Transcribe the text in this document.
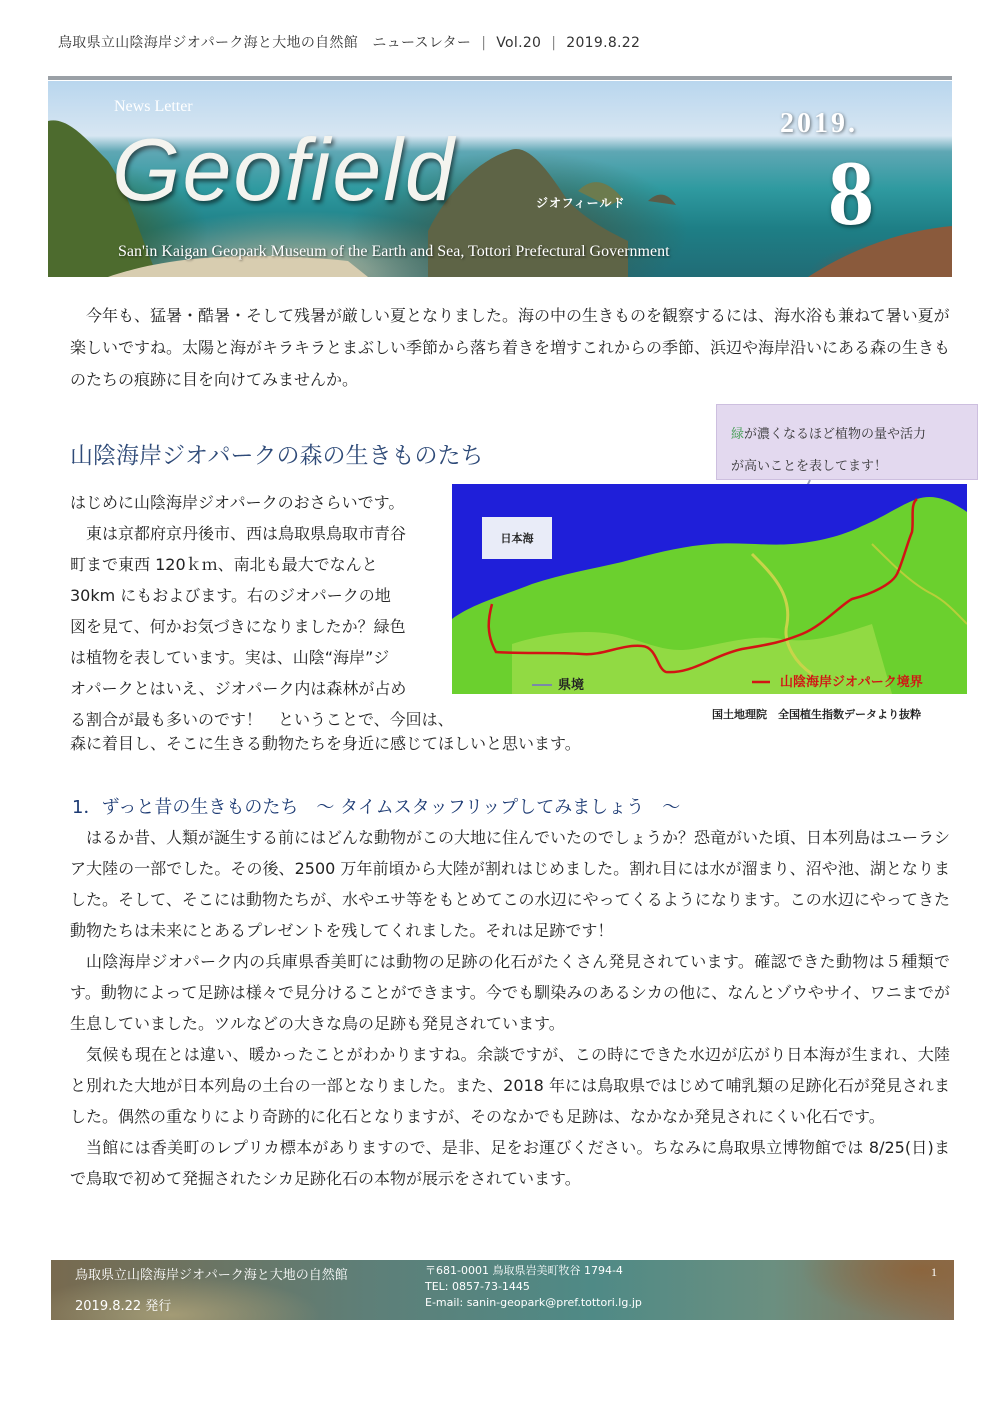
鳥取県立山陰海岸ジオパーク海と大地の自然館　 ニュースレター | Vol.20 | 2019.8.22
News Letter
Geofield	ジオフィールド
San'in Kaigan Geopark Museum of the Earth and Sea, Tottori Prefectural Government
2019.
8
今年も、猛暑・酷暑・そして残暑が厳しい夏となりました。海の中の生きものを観察するには、海水浴も兼ねて暑い夏が楽しいですね。太陽と海がキラキラとまぶしい季節から落ち着きを増すこれからの季節、浜辺や海岸沿いにある森の生きものたちの痕跡に目を向けてみませんか。
山陰海岸ジオパークの森の生きものたち
緑が濃くなるほど植物の量や活力
が高いことを表してます！
日本海
県境	山陰海岸ジオパーク境界
国土地理院　全国植生指数データより抜粋
はじめに山陰海岸ジオパークのおさらいです。
　東は京都府京丹後市、西は鳥取県鳥取市青谷
町まで東西 120ｋｍ、南北も最大でなんと
30km にもおよびます。右のジオパークの地
図を見て、何かお気づきになりましたか？緑色
は植物を表しています。実は、山陰“海岸”ジ
オパークとはいえ、ジオパーク内は森林が占め
る割合が最も多いのです！　ということで、今回は、
森に着目し、そこに生きる動物たちを身近に感じてほしいと思います。
1．ずっと昔の生きものたち　～ タイムスタッフリップしてみましょう　～

はるか昔、人類が誕生する前にはどんな動物がこの大地に住んでいたのでしょうか？恐竜がいた頃、日本列島はユーラシア大陸の一部でした。その後、2500 万年前頃から大陸が割れはじめました。割れ目には水が溜まり、沼や池、湖となりました。そして、そこには動物たちが、水やエサ等をもとめてこの水辺にやってくるようになります。この水辺にやってきた動物たちは未来にとあるプレゼントを残してくれました。それは足跡です！

山陰海岸ジオパーク内の兵庫県香美町には動物の足跡の化石がたくさん発見されています。確認できた動物は５種類です。動物によって足跡は様々で見分けることができます。今でも馴染みのあるシカの他に、なんとゾウやサイ、ワニまでが生息していました。ツルなどの大きな鳥の足跡も発見されています。

気候も現在とは違い、暖かったことがわかりますね。余談ですが、この時にできた水辺が広がり日本海が生まれ、大陸と別れた大地が日本列島の土台の一部となりました。また、2018 年には鳥取県ではじめて哺乳類の足跡化石が発見されました。偶然の重なりにより奇跡的に化石となりますが、そのなかでも足跡は、なかなか発見されにくい化石です。

当館には香美町のレプリカ標本がありますので、是非、足をお運びください。ちなみに鳥取県立博物館では 8/25(日)まで鳥取で初めて発掘されたシカ足跡化石の本物が展示をされています。

鳥取県立山陰海岸ジオパーク海と大地の自然館
2019.8.22 発行
〒681-0001 鳥取県岩美町牧谷 1794-4
TEL: 0857-73-1445
E-mail: sanin-geopark@pref.tottori.lg.jp
1
